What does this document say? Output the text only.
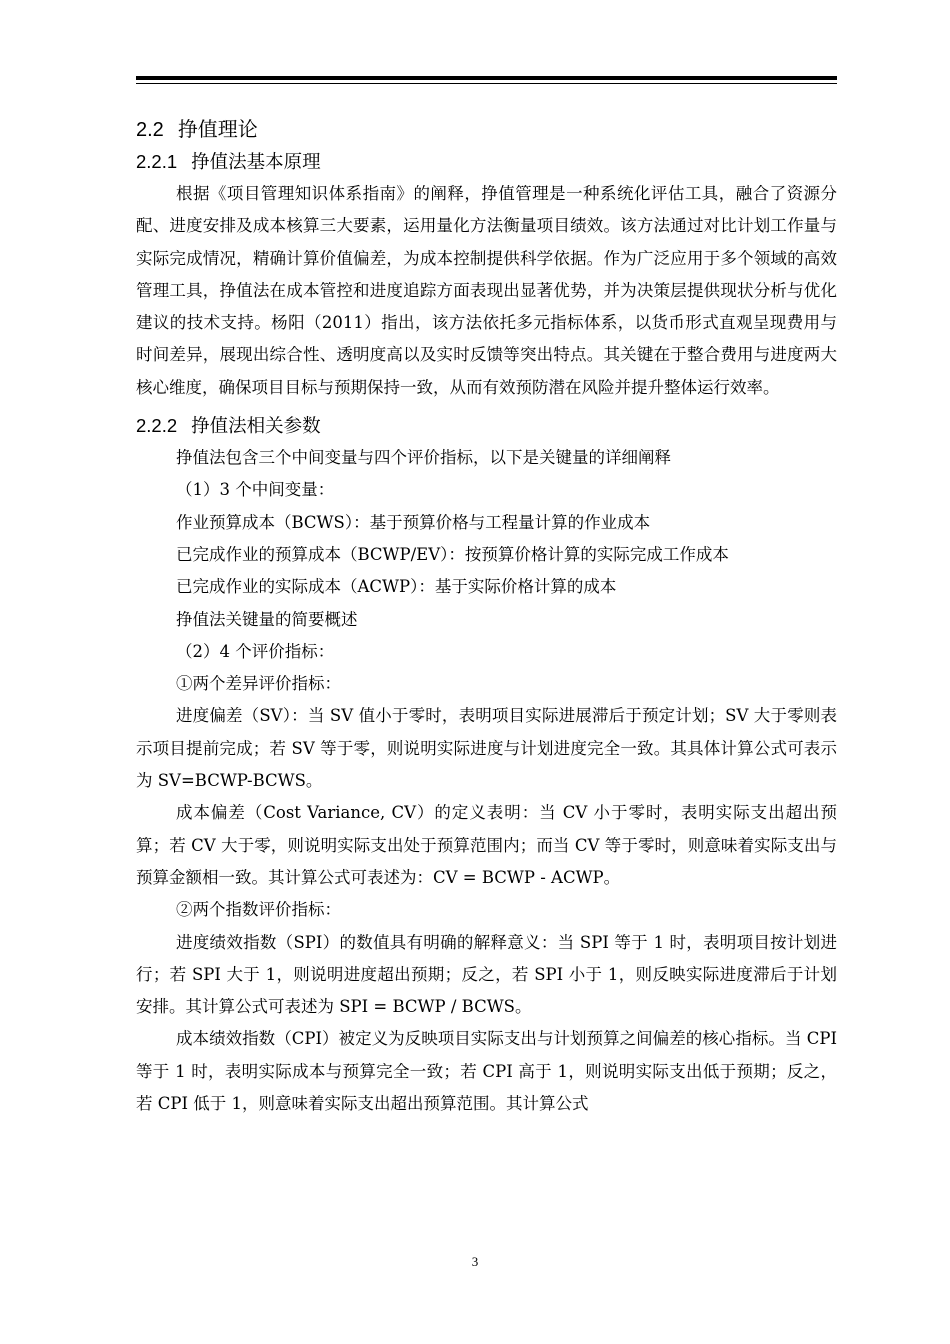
2.2 挣值理论
2.2.1 挣值法基本原理

根据《项目管理知识体系指南》的阐释，挣值管理是一种系统化评估工具，融合了资源分配、进度安排及成本核算三大要素，运用量化方法衡量项目绩效。该方法通过对比计划工作量与实际完成情况，精确计算价值偏差，为成本控制提供科学依据。作为广泛应用于多个领域的高效管理工具，挣值法在成本管控和进度追踪方面表现出显著优势，并为决策层提供现状分析与优化建议的技术支持。杨阳（2011）指出，该方法依托多元指标体系，以货币形式直观呈现费用与时间差异，展现出综合性、透明度高以及实时反馈等突出特点。其关键在于整合费用与进度两大核心维度，确保项目目标与预期保持一致，从而有效预防潜在风险并提升整体运行效率。

2.2.2 挣值法相关参数

挣值法包含三个中间变量与四个评价指标，以下是关键量的详细阐释

（1）3 个中间变量：

作业预算成本（BCWS）：基于预算价格与工程量计算的作业成本

已完成作业的预算成本（BCWP/EV）：按预算价格计算的实际完成工作成本

已完成作业的实际成本（ACWP）：基于实际价格计算的成本

挣值法关键量的简要概述

（2）4 个评价指标：

①两个差异评价指标：

进度偏差（SV）：当 SV 值小于零时，表明项目实际进展滞后于预定计划；SV 大于零则表示项目提前完成；若 SV 等于零，则说明实际进度与计划进度完全一致。其具体计算公式可表示为 SV=BCWP-BCWS。

成本偏差（Cost Variance, CV）的定义表明：当 CV 小于零时，表明实际支出超出预算；若 CV 大于零，则说明实际支出处于预算范围内；而当 CV 等于零时，则意味着实际支出与预算金额相一致。其计算公式可表述为：CV = BCWP - ACWP。

②两个指数评价指标：

进度绩效指数（SPI）的数值具有明确的解释意义：当 SPI 等于 1 时，表明项目按计划进行；若 SPI 大于 1，则说明进度超出预期；反之，若 SPI 小于 1，则反映实际进度滞后于计划安排。其计算公式可表述为 SPI = BCWP / BCWS。

成本绩效指数（CPI）被定义为反映项目实际支出与计划预算之间偏差的核心指标。当 CPI 等于 1 时，表明实际成本与预算完全一致；若 CPI 高于 1，则说明实际支出低于预期；反之，若 CPI 低于 1，则意味着实际支出超出预算范围。其计算公式

3
